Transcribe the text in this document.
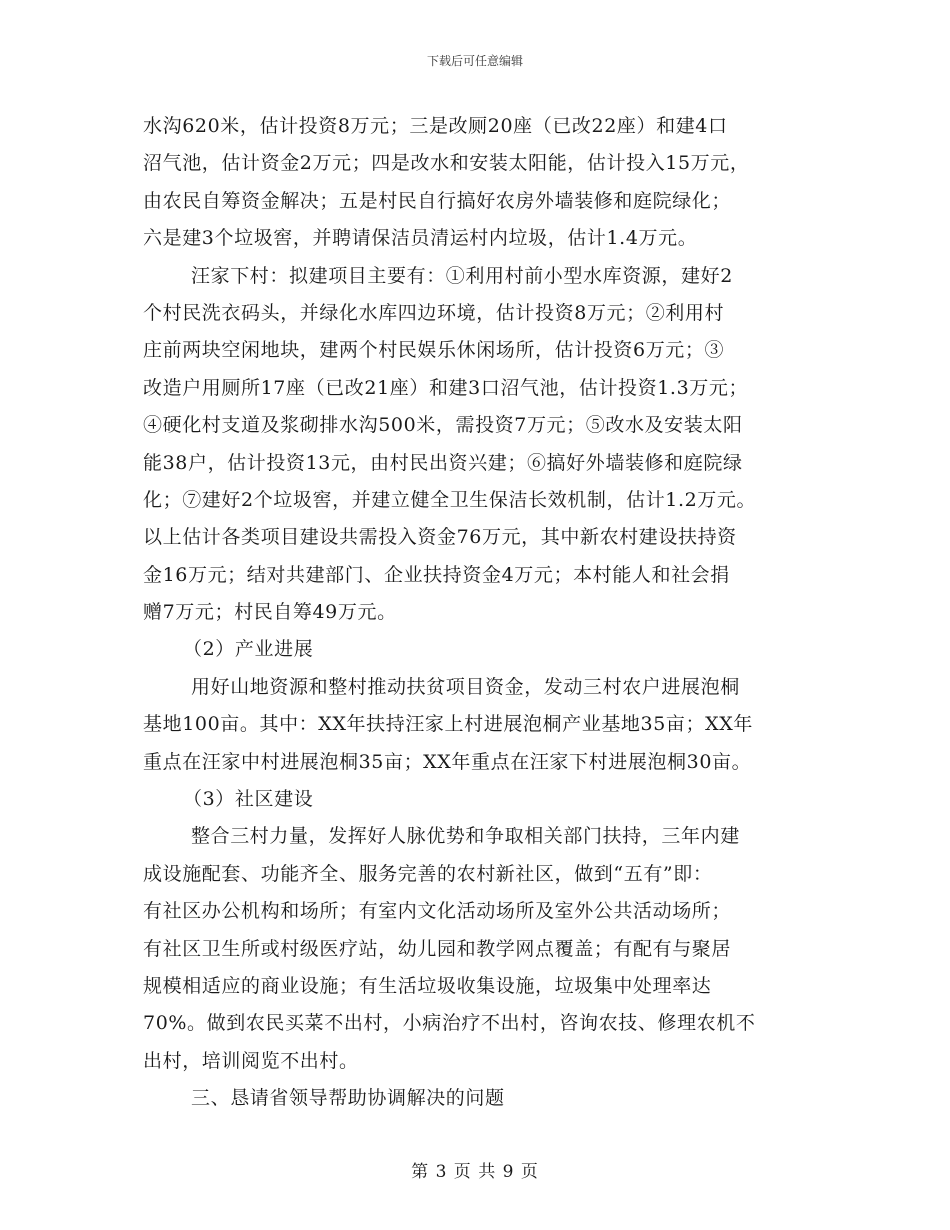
下载后可任意编辑
水沟620米，估计投资8万元；三是改厕20座（已改22座）和建4口
沼气池，估计资金2万元；四是改水和安装太阳能，估计投入15万元，
由农民自筹资金解决；五是村民自行搞好农房外墙装修和庭院绿化；
六是建3个垃圾窖，并聘请保洁员清运村内垃圾，估计1.4万元。
汪家下村：拟建项目主要有：①利用村前小型水库资源，建好2
个村民洗衣码头，并绿化水库四边环境，估计投资8万元；②利用村
庄前两块空闲地块，建两个村民娱乐休闲场所，估计投资6万元；③
改造户用厕所17座（已改21座）和建3口沼气池，估计投资1.3万元；
④硬化村支道及浆砌排水沟500米，需投资7万元；⑤改水及安装太阳
能38户，估计投资13元，由村民出资兴建；⑥搞好外墙装修和庭院绿
化；⑦建好2个垃圾窖，并建立健全卫生保洁长效机制，估计1.2万元。
以上估计各类项目建设共需投入资金76万元，其中新农村建设扶持资
金16万元；结对共建部门、企业扶持资金4万元；本村能人和社会捐
赠7万元；村民自筹49万元。
（2）产业进展
用好山地资源和整村推动扶贫项目资金，发动三村农户进展泡桐
基地100亩。其中：XX年扶持汪家上村进展泡桐产业基地35亩；XX年
重点在汪家中村进展泡桐35亩；XX年重点在汪家下村进展泡桐30亩。
（3）社区建设
整合三村力量，发挥好人脉优势和争取相关部门扶持，三年内建
成设施配套、功能齐全、服务完善的农村新社区，做到“五有”即：
有社区办公机构和场所；有室内文化活动场所及室外公共活动场所；
有社区卫生所或村级医疗站，幼儿园和教学网点覆盖；有配有与聚居
规模相适应的商业设施；有生活垃圾收集设施，垃圾集中处理率达
70%。做到农民买菜不出村，小病治疗不出村，咨询农技、修理农机不
出村，培训阅览不出村。
三、恳请省领导帮助协调解决的问题
第 3 页 共 9 页
